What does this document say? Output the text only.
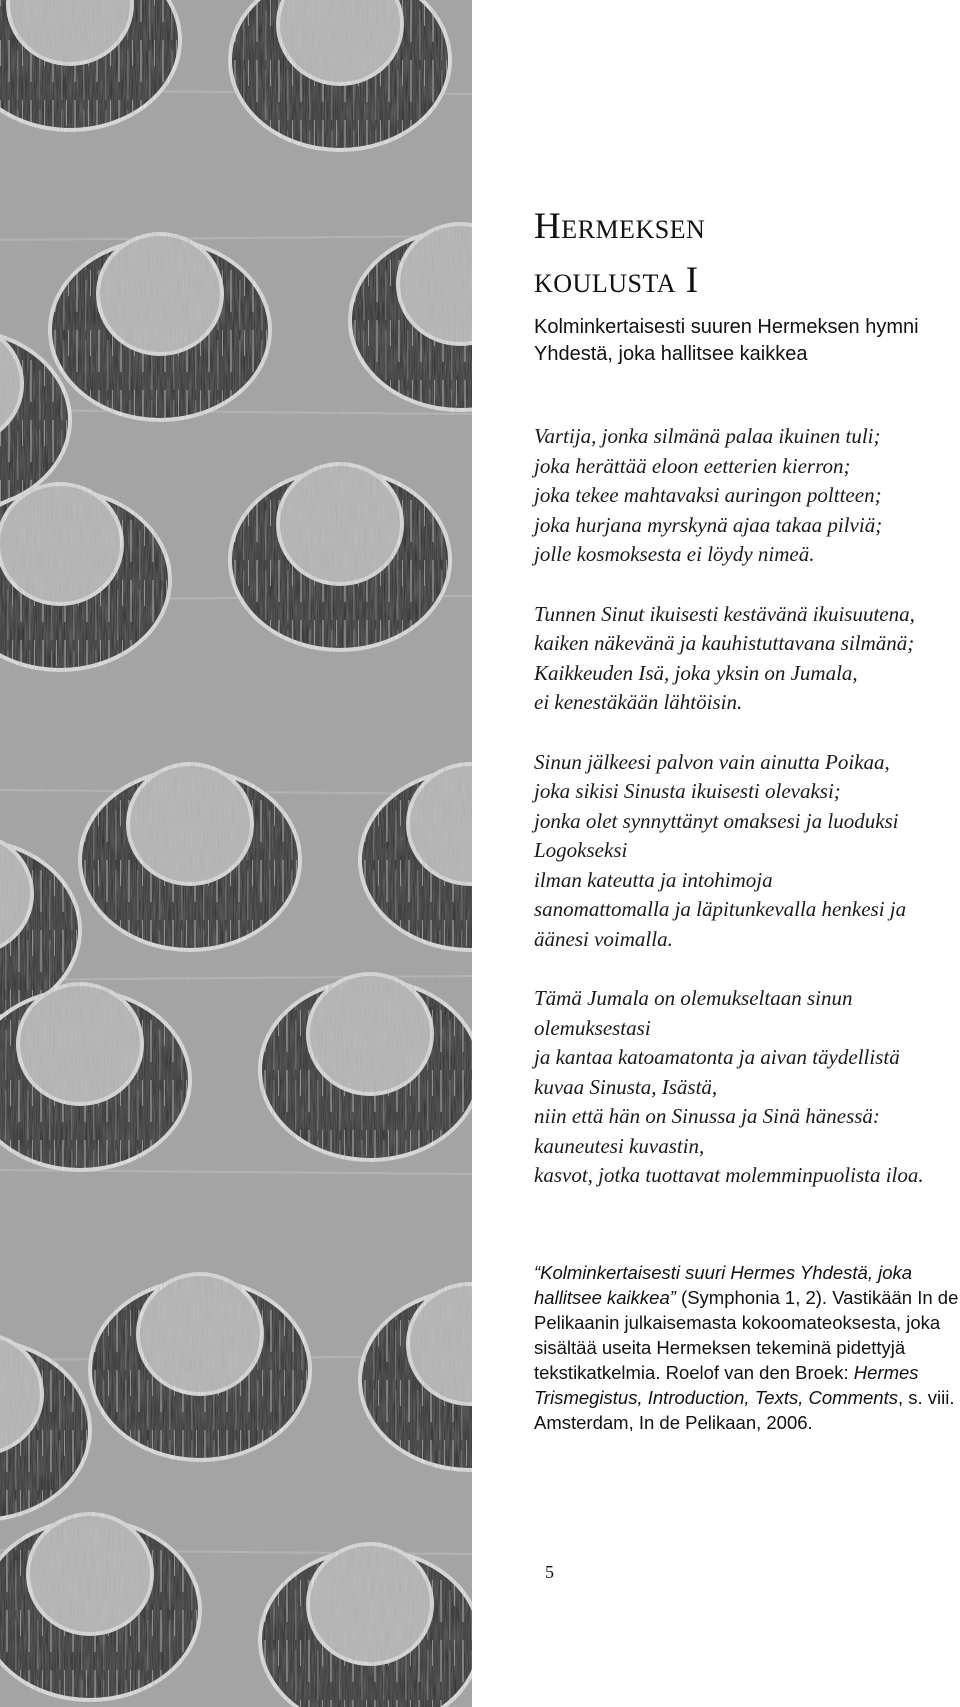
Hermeksen
koulusta I

Kolminkertaisesti suuren Hermeksen hymni Yhdestä, joka hallitsee kaikkea

Vartija, jonka silmänä palaa ikuinen tuli;

joka herättää eloon eetterien kierron;

joka tekee mahtavaksi auringon poltteen;

joka hurjana myrskynä ajaa takaa pilviä;

jolle kosmoksesta ei löydy nimeä.

Tunnen Sinut ikuisesti kestävänä ikuisuutena,

kaiken näkevänä ja kauhistuttavana silmänä;

Kaikkeuden Isä, joka yksin on Jumala,

ei kenestäkään lähtöisin.

Sinun jälkeesi palvon vain ainutta Poikaa,

joka sikisi Sinusta ikuisesti olevaksi;

jonka olet synnyttänyt omaksesi ja luoduksi Logokseksi

ilman kateutta ja intohimoja

sanomattomalla ja läpitunkevalla henkesi ja äänesi voimalla.

Tämä Jumala on olemukseltaan sinun olemuksestasi

ja kantaa katoamatonta ja aivan täydellistä kuvaa Sinusta, Isästä,

niin että hän on Sinussa ja Sinä hänessä:

kauneutesi kuvastin,

kasvot, jotka tuottavat molemminpuolista iloa.

“Kolminkertaisesti suuri Hermes Yhdestä, joka hallitsee kaikkea” (Symphonia 1, 2). Vastikään In de Pelikaanin julkaisemasta kokoomateoksesta, joka sisältää useita Hermeksen tekeminä pidettyjä tekstikatkelmia. Roelof van den Broek: Hermes Trismegistus, Introduction, Texts, Comments, s. viii. Amsterdam, In de Pelikaan, 2006.

5
